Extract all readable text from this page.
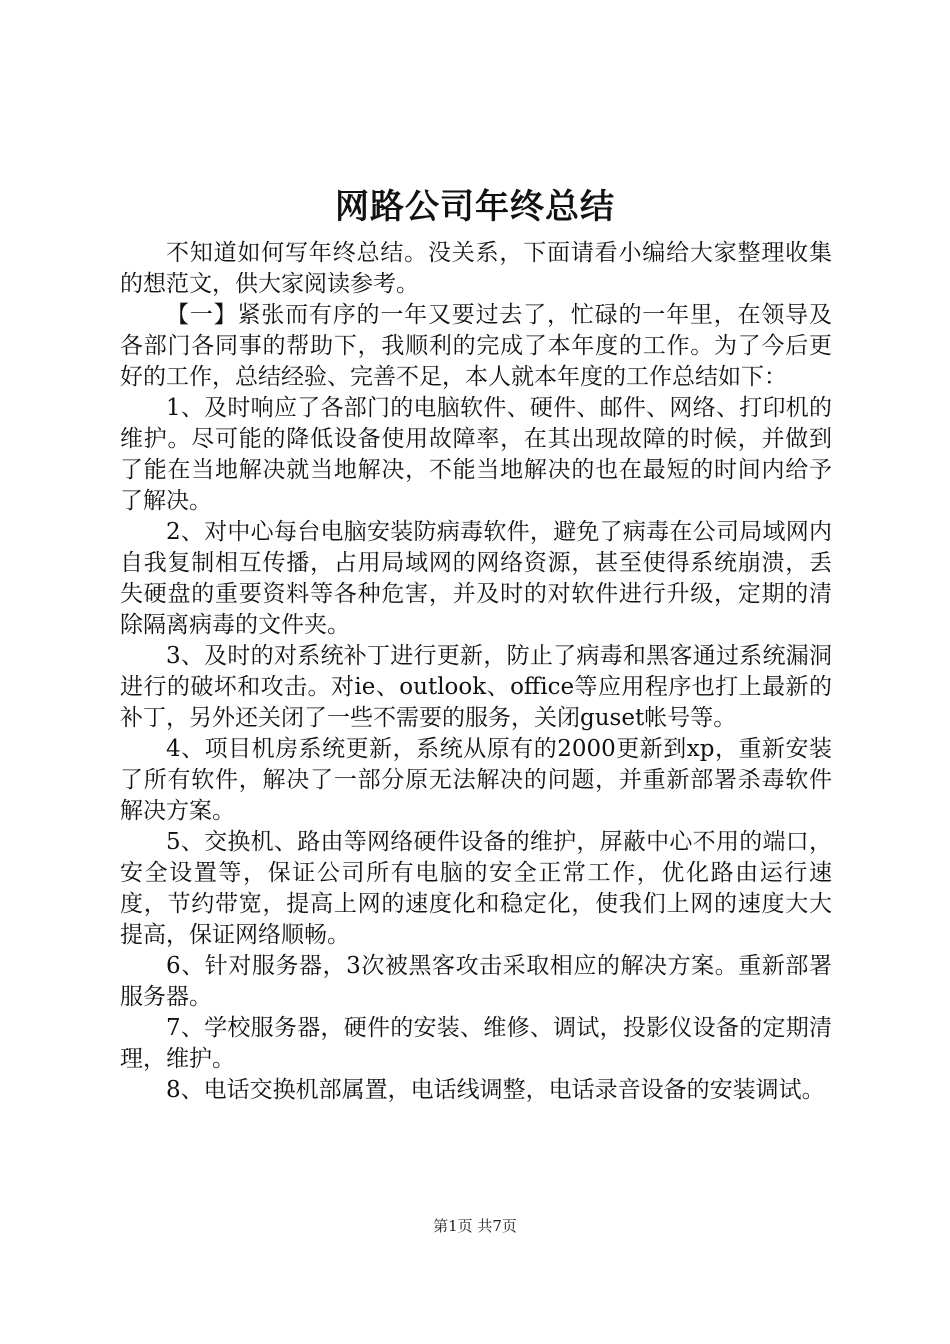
网路公司年终总结

不知道如何写年终总结。没关系，下面请看小编给大家整理收集的想范文，供大家阅读参考。

【一】紧张而有序的一年又要过去了，忙碌的一年里，在领导及各部门各同事的帮助下，我顺利的完成了本年度的工作。为了今后更好的工作，总结经验、完善不足，本人就本年度的工作总结如下：

1、及时响应了各部门的电脑软件、硬件、邮件、网络、打印机的维护。尽可能的降低设备使用故障率，在其出现故障的时候，并做到了能在当地解决就当地解决，不能当地解决的也在最短的时间内给予了解决。

2、对中心每台电脑安装防病毒软件，避免了病毒在公司局域网内自我复制相互传播，占用局域网的网络资源，甚至使得系统崩溃，丢失硬盘的重要资料等各种危害，并及时的对软件进行升级，定期的清除隔离病毒的文件夹。

3、及时的对系统补丁进行更新，防止了病毒和黑客通过系统漏洞进行的破坏和攻击。对ie、outlook、office等应用程序也打上最新的补丁，另外还关闭了一些不需要的服务，关闭guset帐号等。

4、项目机房系统更新，系统从原有的2000更新到xp，重新安装了所有软件，解决了一部分原无法解决的问题，并重新部署杀毒软件解决方案。

5、交换机、路由等网络硬件设备的维护，屏蔽中心不用的端口，安全设置等，保证公司所有电脑的安全正常工作，优化路由运行速度，节约带宽，提高上网的速度化和稳定化，使我们上网的速度大大提高，保证网络顺畅。

6、针对服务器，3次被黑客攻击采取相应的解决方案。重新部署服务器。

7、学校服务器，硬件的安装、维修、调试，投影仪设备的定期清理，维护。

8、电话交换机部属置，电话线调整，电话录音设备的安装调试。

第1页 共7页
